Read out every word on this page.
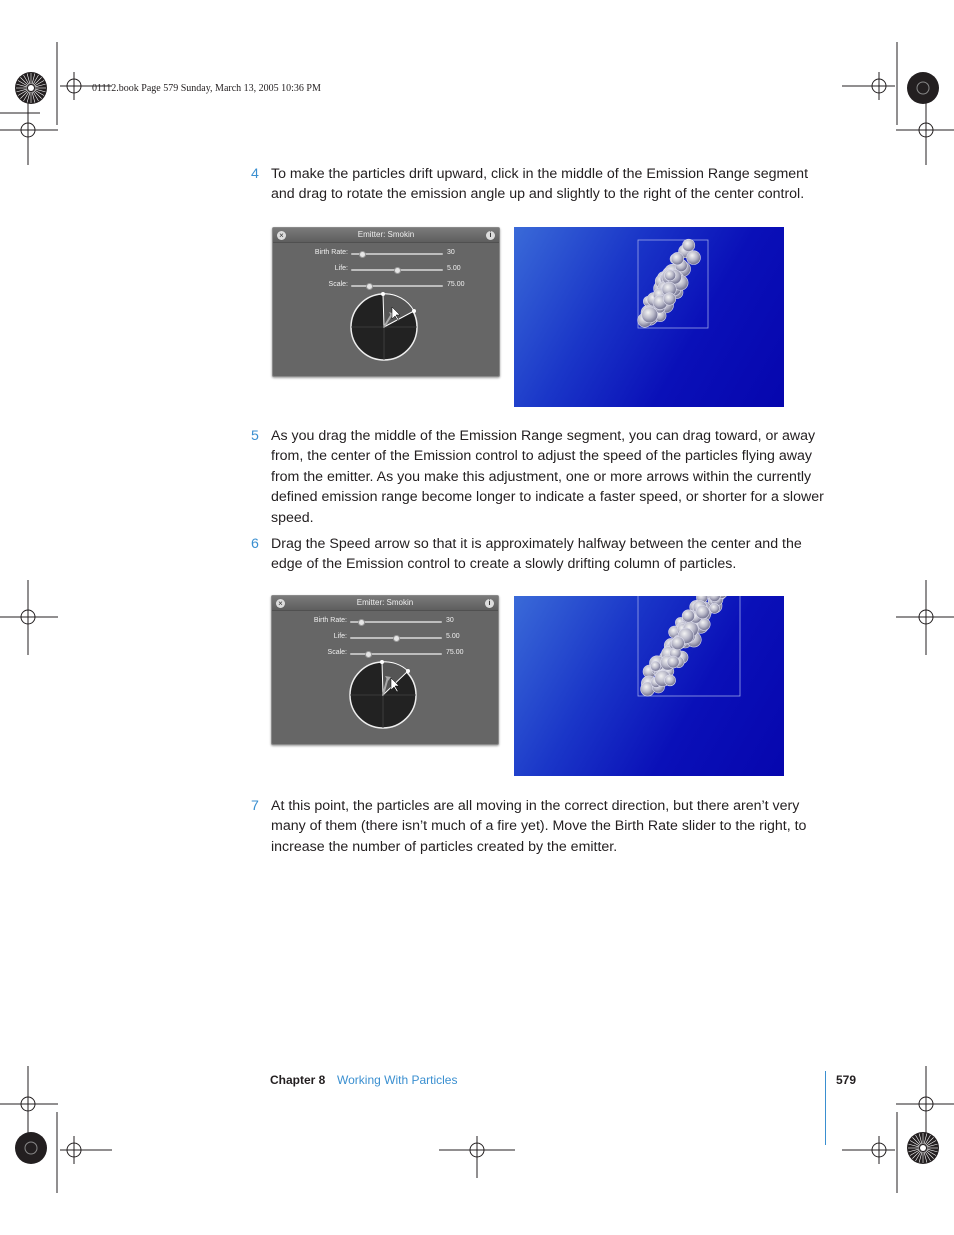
01112.book Page 579 Sunday, March 13, 2005 10:36 PM
4 To make the particles drift upward, click in the middle of the Emission Range segment and drag to rotate the emission angle up and slightly to the right of the center control.
×	Emitter: Smokin	i
Birth Rate:	30
Life:	5.00
Scale:	75.00
5 As you drag the middle of the Emission Range segment, you can drag toward, or away from, the center of the Emission control to adjust the speed of the particles flying away from the emitter. As you make this adjustment, one or more arrows within the currently defined emission range become longer to indicate a faster speed, or shorter for a slower speed.
6 Drag the Speed arrow so that it is approximately halfway between the center and the edge of the Emission control to create a slowly drifting column of particles.
×	Emitter: Smokin	i
Birth Rate:	30
Life:	5.00
Scale:	75.00
7 At this point, the particles are all moving in the correct direction, but there aren’t very many of them (there isn’t much of a fire yet). Move the Birth Rate slider to the right, to increase the number of particles created by the emitter.
Chapter 8 Working With Particles	579
